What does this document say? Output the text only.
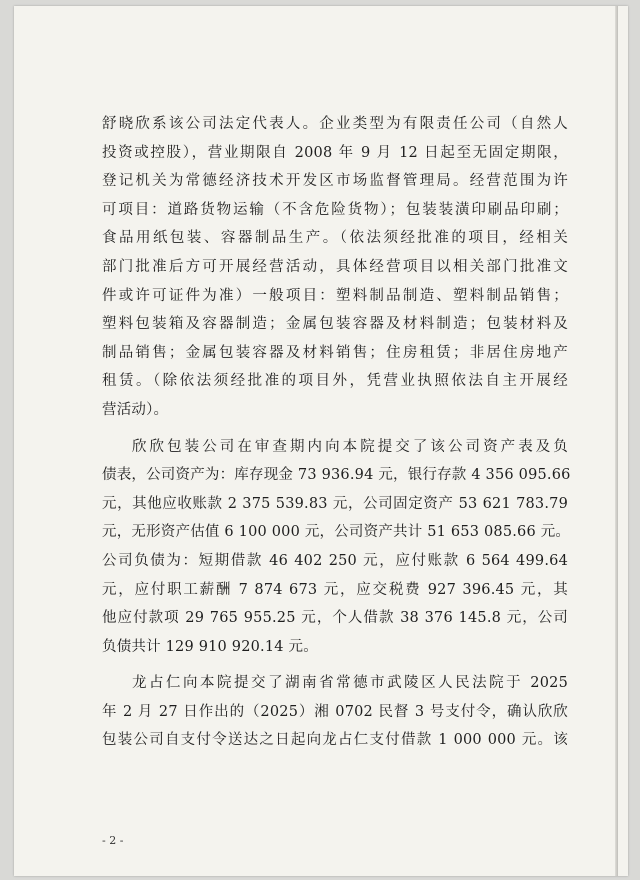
舒晓欣系该公司法定代表人。企业类型为有限责任公司（自然人
投资或控股），营业期限自 2008 年 9 月 12 日起至无固定期限，
登记机关为常德经济技术开发区市场监督管理局。经营范围为许
可项目：道路货物运输（不含危险货物）；包装装潢印刷品印刷；
食品用纸包装、容器制品生产。（依法须经批准的项目，经相关
部门批准后方可开展经营活动，具体经营项目以相关部门批准文
件或许可证件为准）一般项目：塑料制品制造、塑料制品销售；
塑料包装箱及容器制造；金属包装容器及材料制造；包装材料及
制品销售；金属包装容器及材料销售；住房租赁；非居住房地产
租赁。（除依法须经批准的项目外，凭营业执照依法自主开展经
营活动）。
欣欣包装公司在审查期内向本院提交了该公司资产表及负
债表，公司资产为：库存现金 73 936.94 元，银行存款 4 356 095.66
元，其他应收账款 2 375 539.83 元，公司固定资产 53 621 783.79
元，无形资产估值 6 100 000 元，公司资产共计 51 653 085.66 元。
公司负债为：短期借款 46 402 250 元，应付账款 6 564 499.64
元，应付职工薪酬 7 874 673 元，应交税费 927 396.45 元，其
他应付款项 29 765 955.25 元，个人借款 38 376 145.8 元，公司
负债共计 129 910 920.14 元。
龙占仁向本院提交了湖南省常德市武陵区人民法院于 2025
年 2 月 27 日作出的（2025）湘 0702 民督 3 号支付令，确认欣欣
包装公司自支付令送达之日起向龙占仁支付借款 1 000 000 元。该
- 2 -
